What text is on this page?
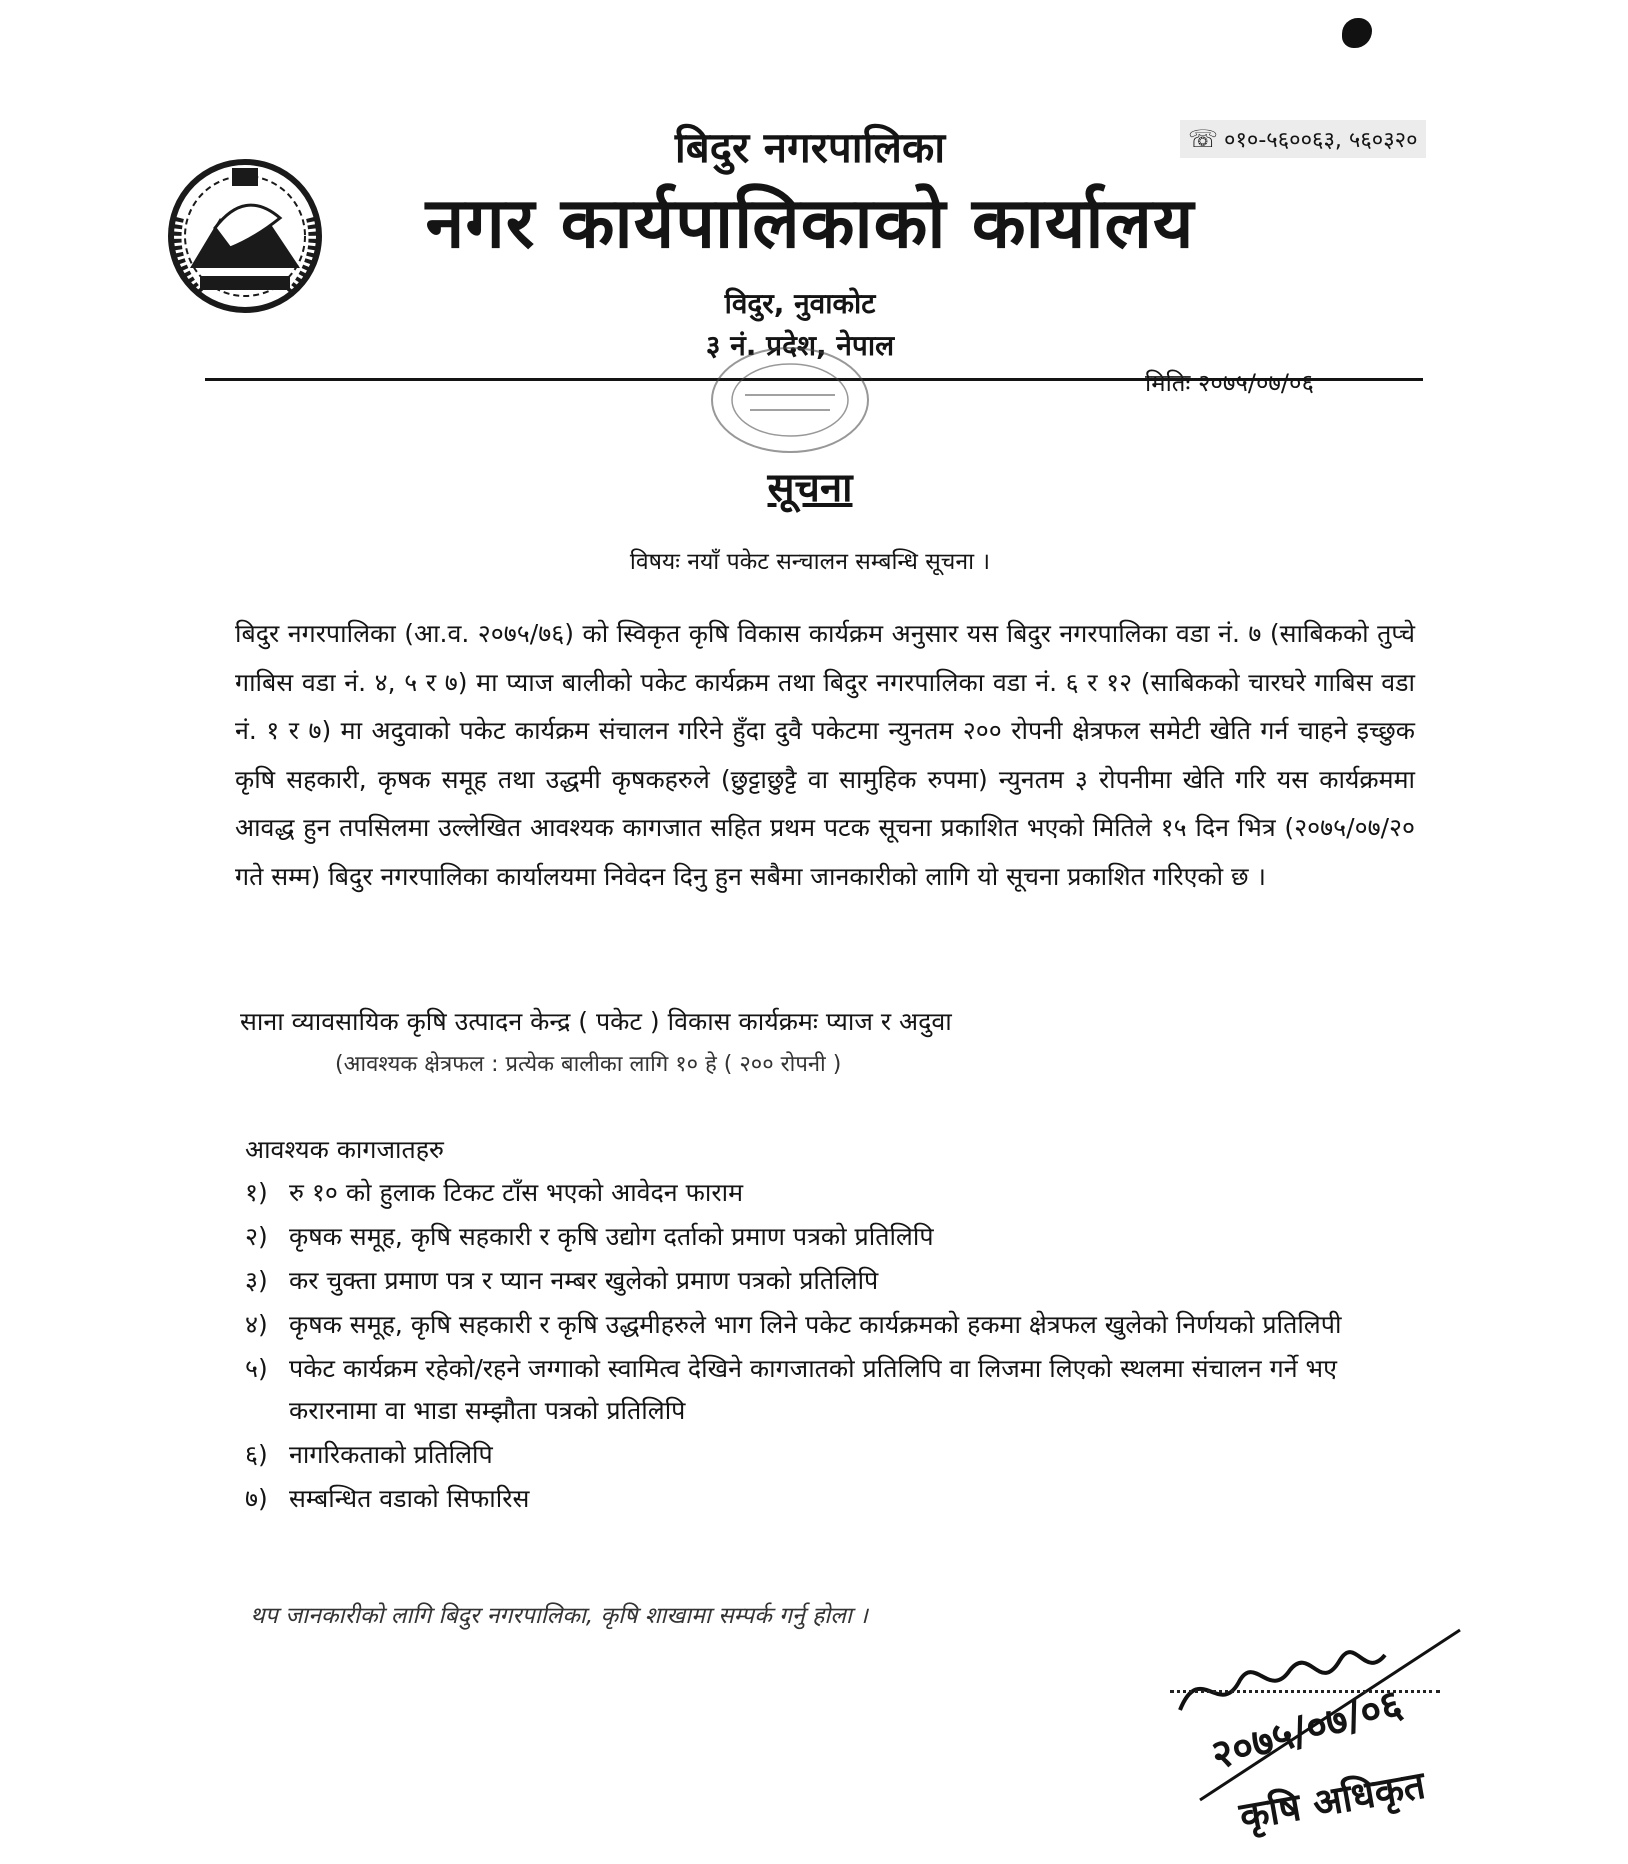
बिदुर नगरपालिका
नगर कार्यपालिकाको कार्यालय
☏ ०१०-५६००६३, ५६०३२०
विदुर, नुवाकोट
३ नं. प्रदेश, नेपाल
मितिः २०७५/०७/०६
सूचना
विषयः नयाँ पकेट सन्चालन सम्बन्धि सूचना ।
बिदुर नगरपालिका (आ.व. २०७५/७६) को स्विकृत कृषि विकास कार्यक्रम अनुसार यस बिदुर नगरपालिका वडा नं. ७ (साबिकको तुप्चे गाबिस वडा नं. ४, ५ र ७) मा प्याज बालीको पकेट कार्यक्रम तथा बिदुर नगरपालिका वडा नं. ६ र १२ (साबिकको चारघरे गाबिस वडा नं. १ र ७) मा अदुवाको पकेट कार्यक्रम संचालन गरिने हुँदा दुवै पकेटमा न्युनतम २०० रोपनी क्षेत्रफल समेटी खेति गर्न चाहने इच्छुक कृषि सहकारी, कृषक समूह तथा उद्धमी कृषकहरुले (छुट्टाछुट्टै वा सामुहिक रुपमा) न्युनतम ३ रोपनीमा खेति गरि यस कार्यक्रममा आवद्ध हुन तपसिलमा उल्लेखित आवश्यक कागजात सहित प्रथम पटक सूचना प्रकाशित भएको मितिले १५ दिन भित्र (२०७५/०७/२० गते सम्म) बिदुर नगरपालिका कार्यालयमा निवेदन दिनु हुन सबैमा जानकारीको लागि यो सूचना प्रकाशित गरिएको छ ।
साना व्यावसायिक कृषि उत्पादन केन्द्र ( पकेट ) विकास कार्यक्रमः प्याज र अदुवा
(आवश्यक क्षेत्रफल : प्रत्येक बालीका लागि १० हे ( २०० रोपनी )
आवश्यक कागजातहरु
१) रु १० को हुलाक टिकट टाँस भएको आवेदन फाराम
२) कृषक समूह, कृषि सहकारी र कृषि उद्योग दर्ताको प्रमाण पत्रको प्रतिलिपि
३) कर चुक्ता प्रमाण पत्र र प्यान नम्बर खुलेको प्रमाण पत्रको प्रतिलिपि
४) कृषक समूह, कृषि सहकारी र कृषि उद्धमीहरुले भाग लिने पकेट कार्यक्रमको हकमा क्षेत्रफल खुलेको निर्णयको प्रतिलिपी
५) पकेट कार्यक्रम रहेको/रहने जग्गाको स्वामित्व देखिने कागजातको प्रतिलिपि वा लिजमा लिएको स्थलमा संचालन गर्ने भए करारनामा वा भाडा सम्झौता पत्रको प्रतिलिपि
६) नागरिकताको प्रतिलिपि
७) सम्बन्धित वडाको सिफारिस
थप जानकारीको लागि बिदुर नगरपालिका, कृषि शाखामा सम्पर्क गर्नु होला ।
२०७५/०७/०६
कृषि अधिकृत
